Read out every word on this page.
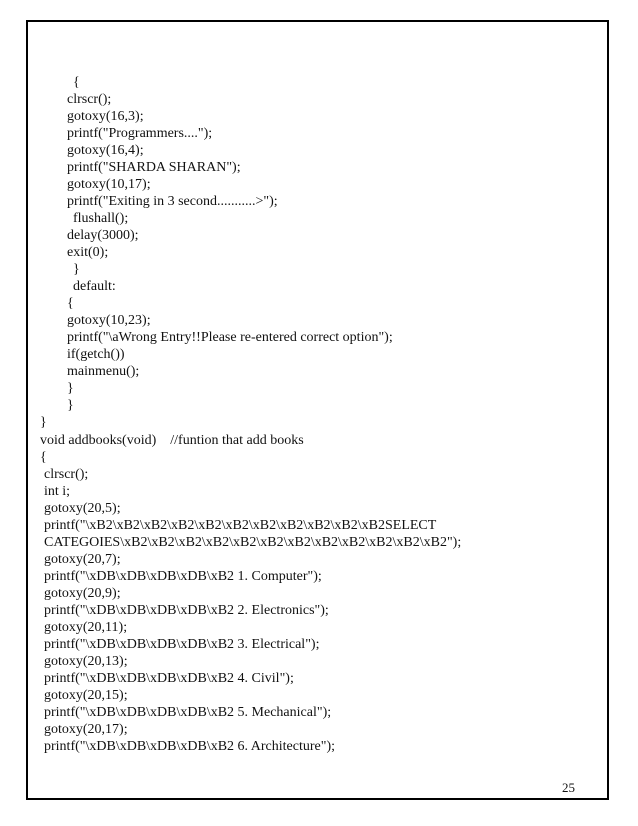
{
clrscr();
gotoxy(16,3);
printf("Programmers....");
gotoxy(16,4);
printf("SHARDA SHARAN");
gotoxy(10,17);
printf("Exiting in 3 second...........>");
flushall();
delay(3000);
exit(0);
}
default:
{
gotoxy(10,23);
printf("\aWrong Entry!!Please re-entered correct option");
if(getch())
mainmenu();
}
}
}
void addbooks(void)    //funtion that add books
{
clrscr();
int i;
gotoxy(20,5);
printf("\xB2\xB2\xB2\xB2\xB2\xB2\xB2\xB2\xB2\xB2\xB2SELECT
CATEGOIES\xB2\xB2\xB2\xB2\xB2\xB2\xB2\xB2\xB2\xB2\xB2\xB2");
gotoxy(20,7);
printf("\xDB\xDB\xDB\xDB\xB2 1. Computer");
gotoxy(20,9);
printf("\xDB\xDB\xDB\xDB\xB2 2. Electronics");
gotoxy(20,11);
printf("\xDB\xDB\xDB\xDB\xB2 3. Electrical");
gotoxy(20,13);
printf("\xDB\xDB\xDB\xDB\xB2 4. Civil");
gotoxy(20,15);
printf("\xDB\xDB\xDB\xDB\xB2 5. Mechanical");
gotoxy(20,17);
printf("\xDB\xDB\xDB\xDB\xB2 6. Architecture");
25
